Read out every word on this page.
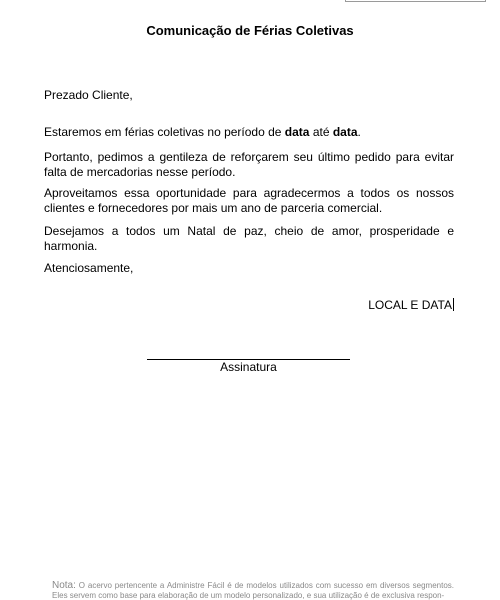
Comunicação de Férias Coletivas

Prezado Cliente,

Estaremos em férias coletivas no período de data até data.

Portanto, pedimos a gentileza de reforçarem seu último pedido para evitar falta de mercadorias nesse período.

Aproveitamos essa oportunidade para agradecermos a todos os nossos clientes e fornecedores por mais um ano de parceria comercial.

Desejamos a todos um Natal de paz, cheio de amor, prosperidade e harmonia.

Atenciosamente,

LOCAL E DATA
Assinatura
Nota: O acervo pertencente a Administre Fácil é de modelos utilizados com sucesso em diversos segmentos. Eles servem como base para elaboração de um modelo personalizado, e sua utilização é de exclusiva respon-
